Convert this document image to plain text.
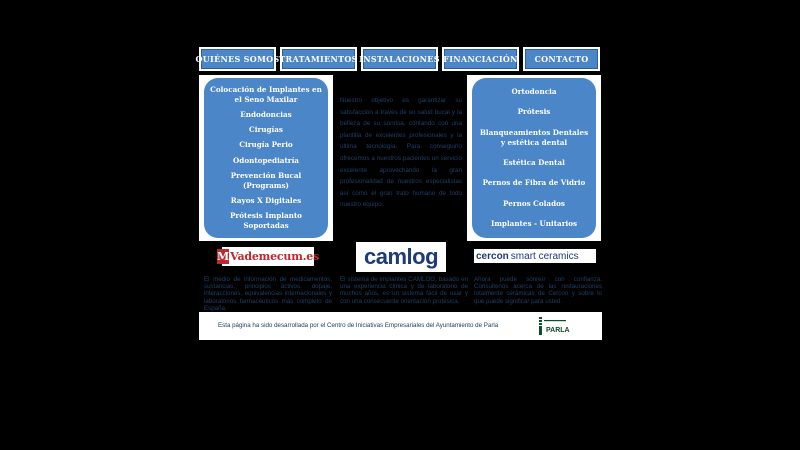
QUIÉNES SOMOS TRATAMIENTOS INSTALACIONES FINANCIACIÓN	CONTACTO
Colocación de Implantes en el Seno Maxilar
Endodoncias
Cirugías
Cirugía Perio
Odontopediatría
Prevención Bucal (Programs)
Rayos X Digitales
Prótesis Implanto Soportadas
Nuestro objetivo es garantizar su satisfacción a través de su salud bucal y la belleza de su sonrisa, contando con una plantilla de excelentes profesionales y la última tecnología. Para conseguirlo ofrecemos a nuestros pacientes un servicio excelente aprovechando la gran profesionalidad de nuestros especialistas así como el gran trato humano de todo nuestro equipo.
Ortodoncia
Prótesis
Blanqueamientos Dentales y estética dental
Estética Dental
Pernos de Fibra de Vidrio
Pernos Colados
Implantes - Unitarios
M Vademecum.es camlog	cercon smart ceramics
El medio de información de medicamentos, sustancias, principios activos, dopaje, interacciones, equivalencias internacionales y laboratorios farmacéuticos más completo de España.
El sistema de implantes CAMLOG, basado en una experiencia clínica y de laboratorio de muchos años, es un sistema fácil de usar y con una consecuente orientación protésica.
Ahora puede sonreír con confianza. Consultenos acerca de las restauraciones totalmente cerámicas de Cercon y sobre lo que puede significar para usted.
Esta página ha sido desarrollada por el Centro de Iniciativas Empresariales del Ayuntamiento de Parla
PARLA
